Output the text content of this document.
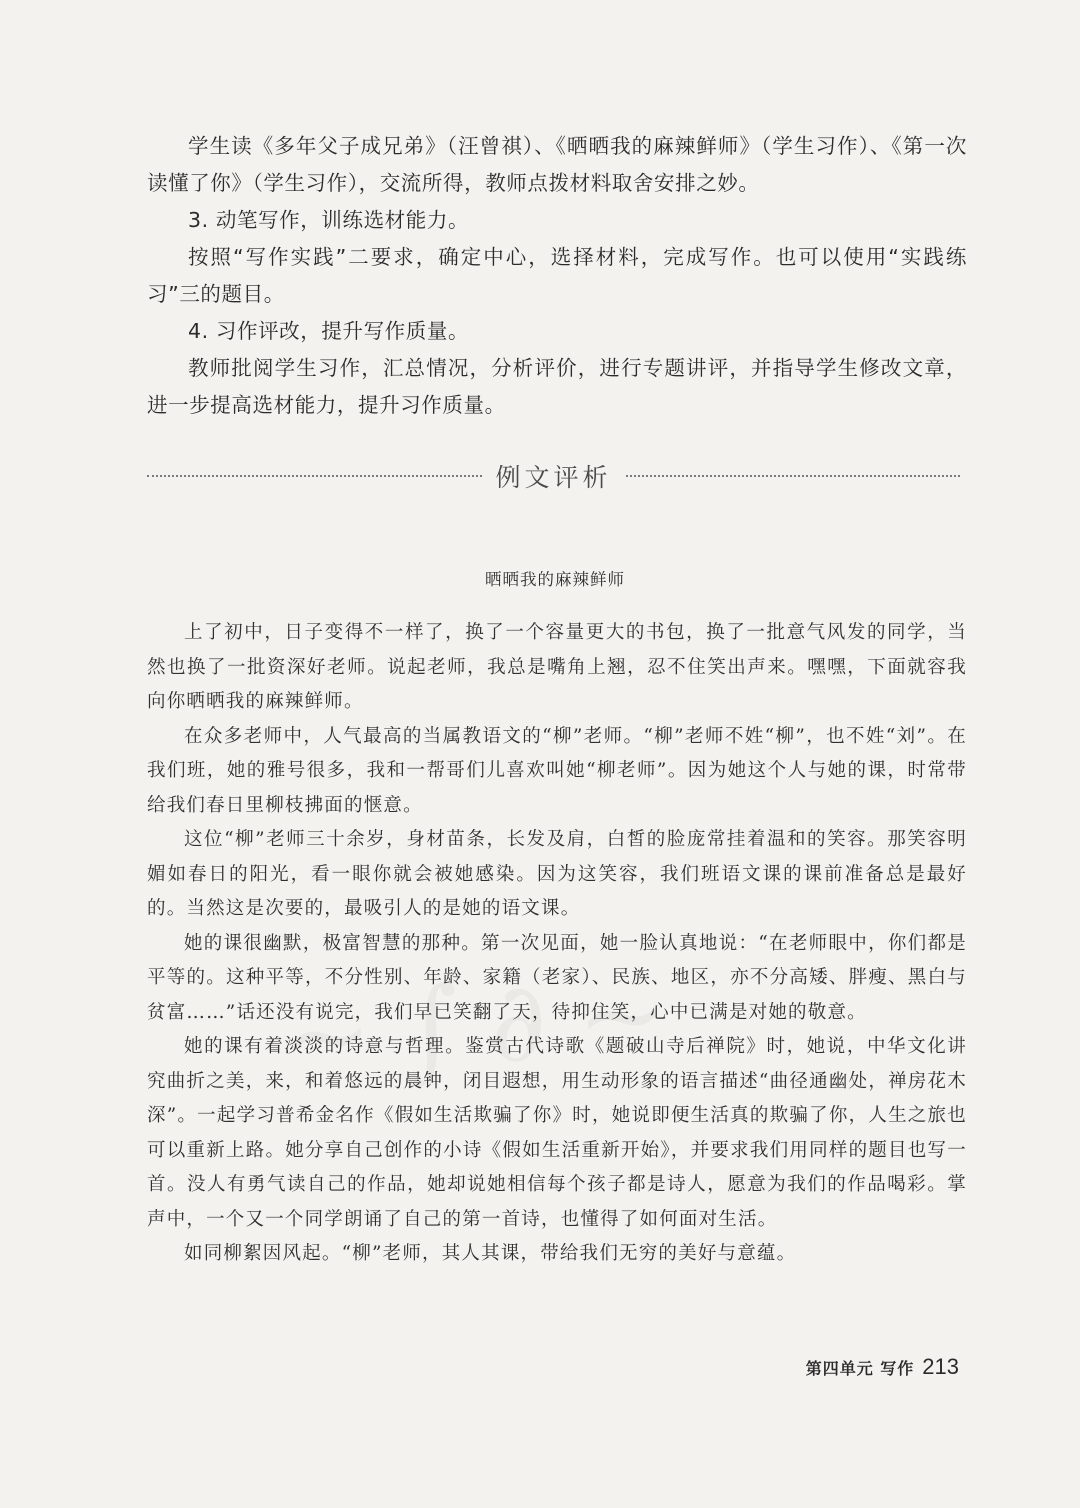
学生读《多年父子成兄弟》（汪曾祺）、《晒晒我的麻辣鲜师》（学生习作）、《第一次读懂了你》（学生习作），交流所得，教师点拨材料取舍安排之妙。

3. 动笔写作，训练选材能力。

按照“写作实践”二要求，确定中心，选择材料，完成写作。也可以使用“实践练习”三的题目。

4. 习作评改，提升写作质量。

教师批阅学生习作，汇总情况，分析评价，进行专题讲评，并指导学生修改文章，进一步提高选材能力，提升习作质量。

例文评析
晒晒我的麻辣鲜师

上了初中，日子变得不一样了，换了一个容量更大的书包，换了一批意气风发的同学，当然也换了一批资深好老师。说起老师，我总是嘴角上翘，忍不住笑出声来。嘿嘿，下面就容我向你晒晒我的麻辣鲜师。

在众多老师中，人气最高的当属教语文的“柳”老师。“柳”老师不姓“柳”，也不姓“刘”。在我们班，她的雅号很多，我和一帮哥们儿喜欢叫她“柳老师”。因为她这个人与她的课，时常带给我们春日里柳枝拂面的惬意。

这位“柳”老师三十余岁，身材苗条，长发及肩，白皙的脸庞常挂着温和的笑容。那笑容明媚如春日的阳光，看一眼你就会被她感染。因为这笑容，我们班语文课的课前准备总是最好的。当然这是次要的，最吸引人的是她的语文课。

她的课很幽默，极富智慧的那种。第一次见面，她一脸认真地说：“在老师眼中，你们都是平等的。这种平等，不分性别、年龄、家籍（老家）、民族、地区，亦不分高矮、胖瘦、黑白与贫富……”话还没有说完，我们早已笑翻了天，待抑住笑，心中已满是对她的敬意。

她的课有着淡淡的诗意与哲理。鉴赏古代诗歌《题破山寺后禅院》时，她说，中华文化讲究曲折之美，来，和着悠远的晨钟，闭目遐想，用生动形象的语言描述“曲径通幽处，禅房花木深”。一起学习普希金名作《假如生活欺骗了你》时，她说即便生活真的欺骗了你，人生之旅也可以重新上路。她分享自己创作的小诗《假如生活重新开始》，并要求我们用同样的题目也写一首。没人有勇气读自己的作品，她却说她相信每个孩子都是诗人，愿意为我们的作品喝彩。掌声中，一个又一个同学朗诵了自己的第一首诗，也懂得了如何面对生活。

如同柳絮因风起。“柳”老师，其人其课，带给我们无穷的美好与意蕴。

第四单元 写作 213
